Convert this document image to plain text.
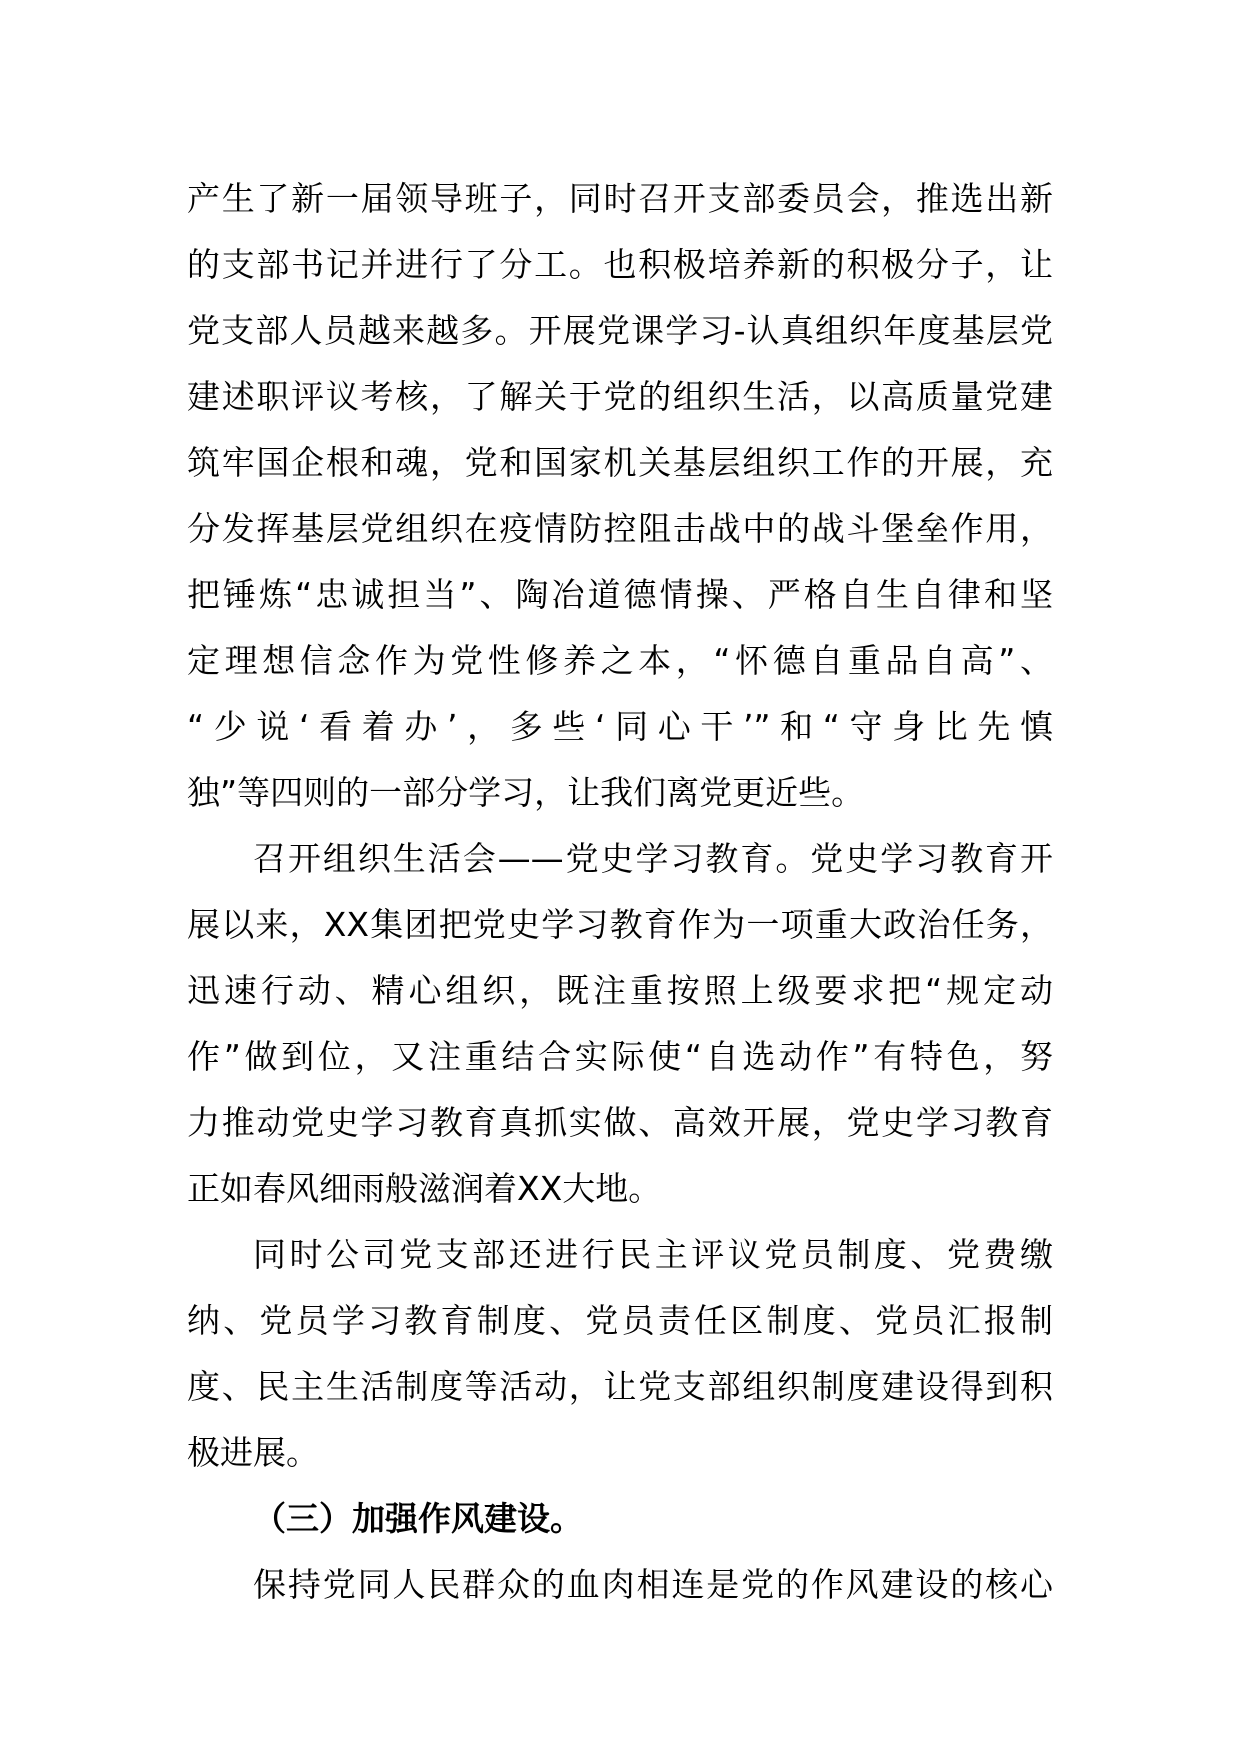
产生了新一届领导班子，同时召开支部委员会，推选出新
的支部书记并进行了分工。也积极培养新的积极分子，让
党支部人员越来越多。开展党课学习-认真组织年度基层党
建述职评议考核，了解关于党的组织生活，以高质量党建
筑牢国企根和魂，党和国家机关基层组织工作的开展，充
分发挥基层党组织在疫情防控阻击战中的战斗堡垒作用，
把锤炼“忠诚担当”、陶冶道德情操、严格自生自律和坚
定理想信念作为党性修养之本，“怀德自重品自高”、
“少说‘看着办’，多些‘同心干’”和“守身比先慎
独”等四则的一部分学习，让我们离党更近些。
召开组织生活会——党史学习教育。党史学习教育开
展以来，XX集团把党史学习教育作为一项重大政治任务，
迅速行动、精心组织，既注重按照上级要求把“规定动
作”做到位，又注重结合实际使“自选动作”有特色，努
力推动党史学习教育真抓实做、高效开展，党史学习教育
正如春风细雨般滋润着XX大地。
同时公司党支部还进行民主评议党员制度、党费缴
纳、党员学习教育制度、党员责任区制度、党员汇报制
度、民主生活制度等活动，让党支部组织制度建设得到积
极进展。
（三）加强作风建设。
保持党同人民群众的血肉相连是党的作风建设的核心
